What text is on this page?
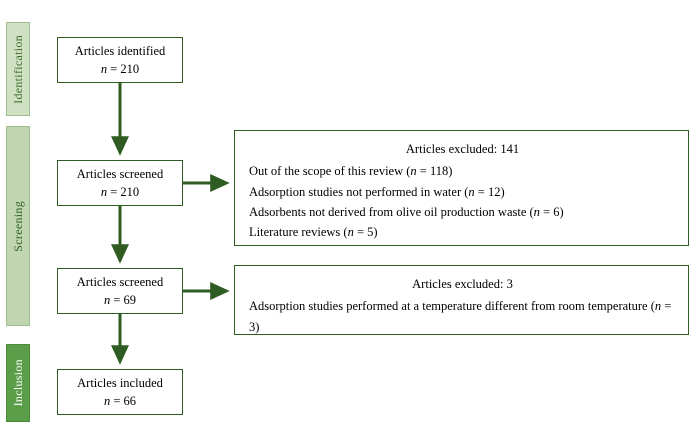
Identification
Screening
Inclusion
Articles identified
n = 210
Articles screened
n = 210
Articles screened
n = 69
Articles included
n = 66
Articles excluded: 141
Out of the scope of this review (n = 118)
Adsorption studies not performed in water (n = 12)
Adsorbents not derived from olive oil production waste (n = 6)
Literature reviews (n = 5)
Articles excluded: 3
Adsorption studies performed at a temperature different from room temperature (n = 3)
